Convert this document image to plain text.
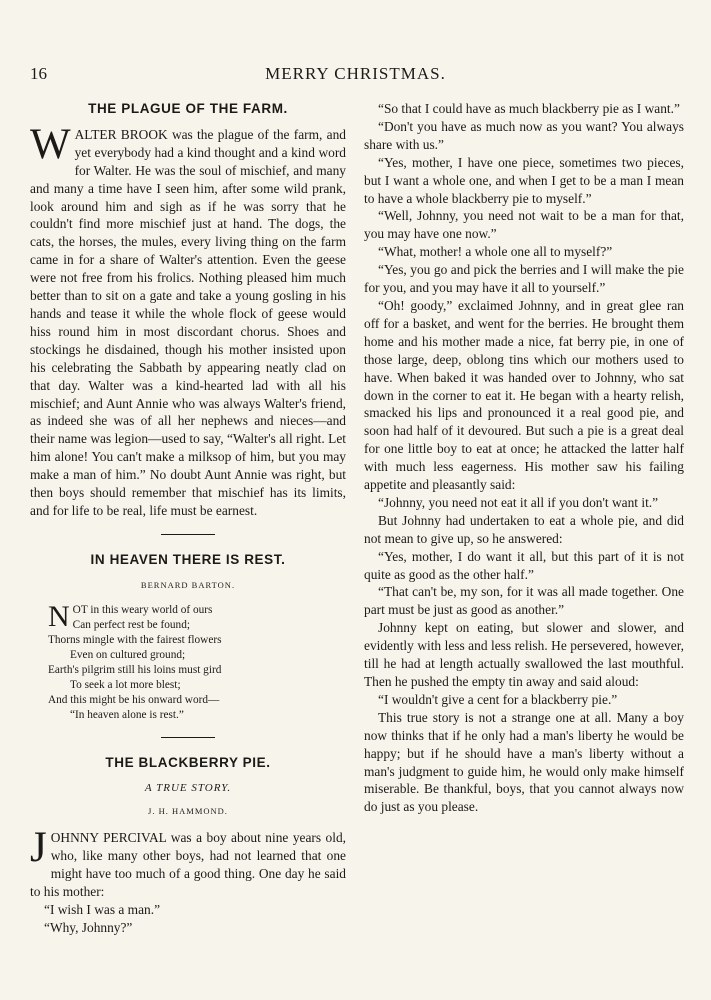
16	MERRY CHRISTMAS.
THE PLAGUE OF THE FARM.

WALTER BROOK was the plague of the farm, and yet everybody had a kind thought and a kind word for Walter. He was the soul of mischief, and many and many a time have I seen him, after some wild prank, look around him and sigh as if he was sorry that he couldn't find more mischief just at hand. The dogs, the cats, the horses, the mules, every living thing on the farm came in for a share of Walter's attention. Even the geese were not free from his frolics. Nothing pleased him much better than to sit on a gate and take a young gosling in his hands and tease it while the whole flock of geese would hiss round him in most discordant chorus. Shoes and stockings he disdained, though his mother insisted upon his celebrating the Sabbath by appearing neatly clad on that day. Walter was a kind-hearted lad with all his mischief; and Aunt Annie who was always Walter's friend, as indeed she was of all her nephews and nieces—and their name was legion—used to say, “Walter's all right. Let him alone! You can't make a milksop of him, but you may make a man of him.” No doubt Aunt Annie was right, but then boys should remember that mischief has its limits, and for life to be real, life must be earnest.

IN HEAVEN THERE IS REST.
BERNARD BARTON.
N OT in this weary world of ours
Can perfect rest be found;
Thorns mingle with the fairest flowers
Even on cultured ground;
Earth's pilgrim still his loins must gird
To seek a lot more blest;
And this might be his onward word—
“In heaven alone is rest.”
THE BLACKBERRY PIE.
A TRUE STORY.
J. H. HAMMOND.

JOHNNY PERCIVAL was a boy about nine years old, who, like many other boys, had not learned that one might have too much of a good thing. One day he said to his mother:

“I wish I was a man.”

“Why, Johnny?”

“So that I could have as much blackberry pie as I want.”

“Don't you have as much now as you want? You always share with us.”

“Yes, mother, I have one piece, sometimes two pieces, but I want a whole one, and when I get to be a man I mean to have a whole blackberry pie to myself.”

“Well, Johnny, you need not wait to be a man for that, you may have one now.”

“What, mother! a whole one all to myself?”

“Yes, you go and pick the berries and I will make the pie for you, and you may have it all to yourself.”

“Oh! goody,” exclaimed Johnny, and in great glee ran off for a basket, and went for the berries. He brought them home and his mother made a nice, fat berry pie, in one of those large, deep, oblong tins which our mothers used to have. When baked it was handed over to Johnny, who sat down in the corner to eat it. He began with a hearty relish, smacked his lips and pronounced it a real good pie, and soon had half of it devoured. But such a pie is a great deal for one little boy to eat at once; he attacked the latter half with much less eagerness. His mother saw his failing appetite and pleasantly said:

“Johnny, you need not eat it all if you don't want it.”

But Johnny had undertaken to eat a whole pie, and did not mean to give up, so he answered:

“Yes, mother, I do want it all, but this part of it is not quite as good as the other half.”

“That can't be, my son, for it was all made together. One part must be just as good as another.”

Johnny kept on eating, but slower and slower, and evidently with less and less relish. He persevered, however, till he had at length actually swallowed the last mouthful. Then he pushed the empty tin away and said aloud:

“I wouldn't give a cent for a blackberry pie.”

This true story is not a strange one at all. Many a boy now thinks that if he only had a man's liberty he would be happy; but if he should have a man's liberty without a man's judgment to guide him, he would only make himself miserable. Be thankful, boys, that you cannot always now do just as you please.
